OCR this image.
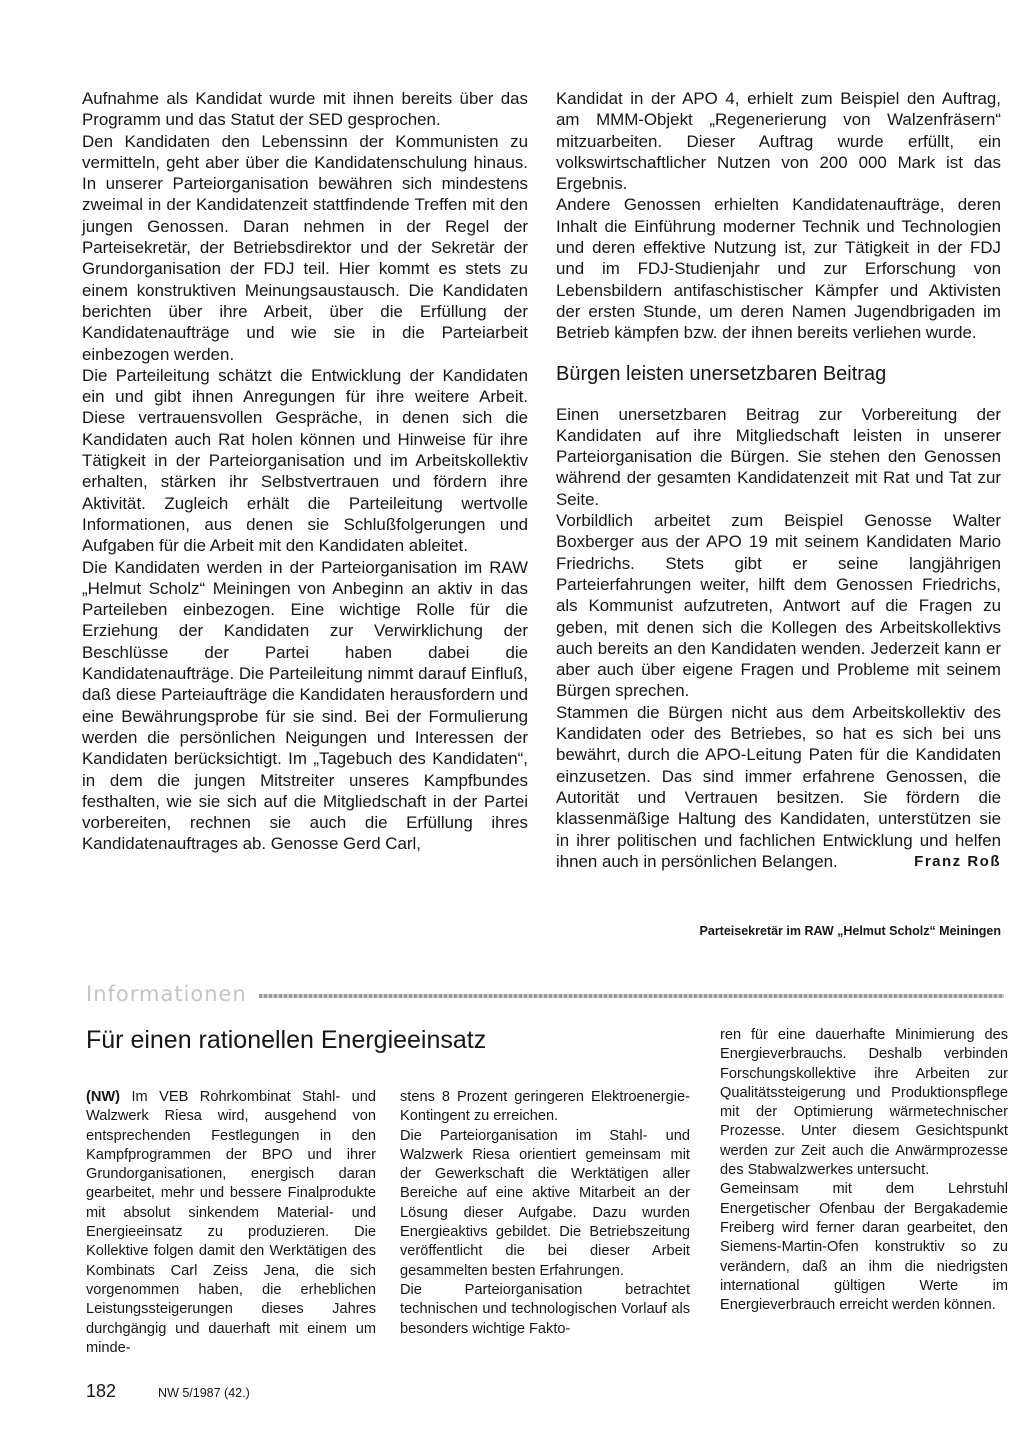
Aufnahme als Kandidat wurde mit ihnen bereits über das Programm und das Statut der SED gesprochen.

Den Kandidaten den Lebenssinn der Kommunisten zu vermitteln, geht aber über die Kandidatenschulung hinaus. In unserer Parteiorganisation bewähren sich mindestens zweimal in der Kandidatenzeit stattfindende Treffen mit den jungen Genossen. Daran nehmen in der Regel der Parteisekretär, der Betriebsdirektor und der Sekretär der Grundorganisation der FDJ teil. Hier kommt es stets zu einem konstruktiven Meinungsaustausch. Die Kandidaten berichten über ihre Arbeit, über die Erfüllung der Kandidatenaufträge und wie sie in die Parteiarbeit einbezogen werden.

Die Parteileitung schätzt die Entwicklung der Kandidaten ein und gibt ihnen Anregungen für ihre weitere Arbeit. Diese vertrauensvollen Gespräche, in denen sich die Kandidaten auch Rat holen können und Hinweise für ihre Tätigkeit in der Parteiorganisation und im Arbeitskollektiv erhalten, stärken ihr Selbstvertrauen und fördern ihre Aktivität. Zugleich erhält die Parteileitung wertvolle Informationen, aus denen sie Schlußfolgerungen und Aufgaben für die Arbeit mit den Kandidaten ableitet.

Die Kandidaten werden in der Parteiorganisation im RAW „Helmut Scholz“ Meiningen von Anbeginn an aktiv in das Parteileben einbezogen. Eine wichtige Rolle für die Erziehung der Kandidaten zur Verwirklichung der Beschlüsse der Partei haben dabei die Kandidatenaufträge. Die Parteileitung nimmt darauf Einfluß, daß diese Parteiaufträge die Kandidaten herausfordern und eine Bewährungsprobe für sie sind. Bei der Formulierung werden die persönlichen Neigungen und Interessen der Kandidaten berücksichtigt. Im „Tagebuch des Kandidaten“, in dem die jungen Mitstreiter unseres Kampfbundes festhalten, wie sie sich auf die Mitgliedschaft in der Partei vorbereiten, rechnen sie auch die Erfüllung ihres Kandidatenauftrages ab. Genosse Gerd Carl,

Kandidat in der APO 4, erhielt zum Beispiel den Auftrag, am MMM-Objekt „Regenerierung von Walzenfräsern“ mitzuarbeiten. Dieser Auftrag wurde erfüllt, ein volkswirtschaftlicher Nutzen von 200 000 Mark ist das Ergebnis.

Andere Genossen erhielten Kandidatenaufträge, deren Inhalt die Einführung moderner Technik und Technologien und deren effektive Nutzung ist, zur Tätigkeit in der FDJ und im FDJ-Studienjahr und zur Erforschung von Lebensbildern antifaschistischer Kämpfer und Aktivisten der ersten Stunde, um deren Namen Jugendbrigaden im Betrieb kämpfen bzw. der ihnen bereits verliehen wurde.

Bürgen leisten unersetzbaren Beitrag

Einen unersetzbaren Beitrag zur Vorbereitung der Kandidaten auf ihre Mitgliedschaft leisten in unserer Parteiorganisation die Bürgen. Sie stehen den Genossen während der gesamten Kandidatenzeit mit Rat und Tat zur Seite.

Vorbildlich arbeitet zum Beispiel Genosse Walter Boxberger aus der APO 19 mit seinem Kandidaten Mario Friedrichs. Stets gibt er seine langjährigen Parteierfahrungen weiter, hilft dem Genossen Friedrichs, als Kommunist aufzutreten, Antwort auf die Fragen zu geben, mit denen sich die Kollegen des Arbeitskollektivs auch bereits an den Kandidaten wenden. Jederzeit kann er aber auch über eigene Fragen und Probleme mit seinem Bürgen sprechen.

Stammen die Bürgen nicht aus dem Arbeitskollektiv des Kandidaten oder des Betriebes, so hat es sich bei uns bewährt, durch die APO-Leitung Paten für die Kandidaten einzusetzen. Das sind immer erfahrene Genossen, die Autorität und Vertrauen besitzen. Sie fördern die klassenmäßige Haltung des Kandidaten, unterstützen sie in ihrer politischen und fachlichen Entwicklung und helfen ihnen auch in persönlichen Belangen.	Franz Roß
Parteisekretär im RAW „Helmut Scholz“ Meiningen
Informationen
Für einen rationellen Energieeinsatz

(NW) Im VEB Rohrkombinat Stahl- und Walzwerk Riesa wird, ausgehend von entsprechenden Festlegungen in den Kampfprogrammen der BPO und ihrer Grundorganisationen, energisch daran gearbeitet, mehr und bessere Finalprodukte mit absolut sinkendem Material- und Energieeinsatz zu produzieren. Die Kollektive folgen damit den Werktätigen des Kombinats Carl Zeiss Jena, die sich vorgenommen haben, die erheblichen Leistungssteigerungen dieses Jahres durchgängig und dauerhaft mit einem um minde-

stens 8 Prozent geringeren Elektroenergie-Kontingent zu erreichen.

Die Parteiorganisation im Stahl- und Walzwerk Riesa orientiert gemeinsam mit der Gewerkschaft die Werktätigen aller Bereiche auf eine aktive Mitarbeit an der Lösung dieser Aufgabe. Dazu wurden Energieaktivs gebildet. Die Betriebszeitung veröffentlicht die bei dieser Arbeit gesammelten besten Erfahrungen.

Die Parteiorganisation betrachtet technischen und technologischen Vorlauf als besonders wichtige Fakto-

ren für eine dauerhafte Minimierung des Energieverbrauchs. Deshalb verbinden Forschungskollektive ihre Arbeiten zur Qualitätssteigerung und Produktionspflege mit der Optimierung wärmetechnischer Prozesse. Unter diesem Gesichtspunkt werden zur Zeit auch die Anwärmprozesse des Stabwalzwerkes untersucht.

Gemeinsam mit dem Lehrstuhl Energetischer Ofenbau der Bergakademie Freiberg wird ferner daran gearbeitet, den Siemens-Martin-Ofen konstruktiv so zu verändern, daß an ihm die niedrigsten international gültigen Werte im Energieverbrauch erreicht werden können.

182	NW 5/1987 (42.)
